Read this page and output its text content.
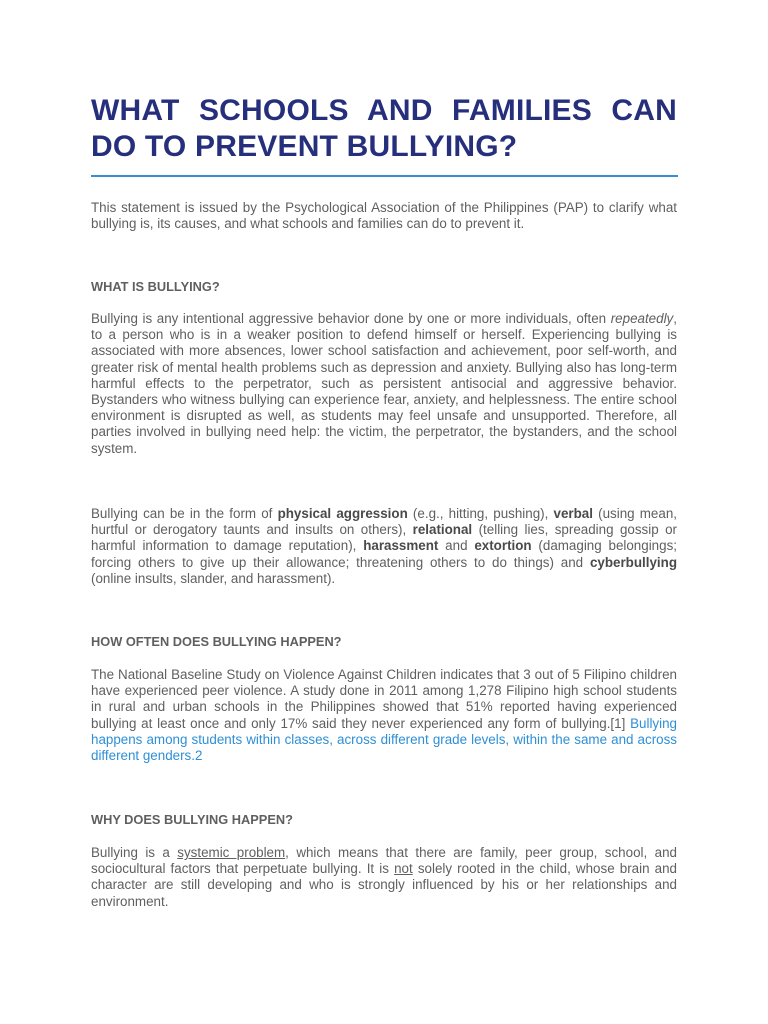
WHAT SCHOOLS AND FAMILIES CAN DO TO PREVENT BULLYING?

This statement is issued by the Psychological Association of the Philippines (PAP) to clarify what bullying is, its causes, and what schools and families can do to prevent it.

WHAT IS BULLYING?

Bullying is any intentional aggressive behavior done by one or more individuals, often repeatedly, to a person who is in a weaker position to defend himself or herself. Experiencing bullying is associated with more absences, lower school satisfaction and achievement, poor self-worth, and greater risk of mental health problems such as depression and anxiety. Bullying also has long-term harmful effects to the perpetrator, such as persistent antisocial and aggressive behavior. Bystanders who witness bullying can experience fear, anxiety, and helplessness. The entire school environment is disrupted as well, as students may feel unsafe and unsupported. Therefore, all parties involved in bullying need help: the victim, the perpetrator, the bystanders, and the school system.

Bullying can be in the form of physical aggression (e.g., hitting, pushing), verbal (using mean, hurtful or derogatory taunts and insults on others), relational (telling lies, spreading gossip or harmful information to damage reputation), harassment and extortion (damaging belongings; forcing others to give up their allowance; threatening others to do things) and cyberbullying (online insults, slander, and harassment).

HOW OFTEN DOES BULLYING HAPPEN?

The National Baseline Study on Violence Against Children indicates that 3 out of 5 Filipino children have experienced peer violence. A study done in 2011 among 1,278 Filipino high school students in rural and urban schools in the Philippines showed that 51% reported having experienced bullying at least once and only 17% said they never experienced any form of bullying.[1] Bullying happens among students within classes, across different grade levels, within the same and across different genders.2

WHY DOES BULLYING HAPPEN?

Bullying is a systemic problem, which means that there are family, peer group, school, and sociocultural factors that perpetuate bullying. It is not solely rooted in the child, whose brain and character are still developing and who is strongly influenced by his or her relationships and environment.
